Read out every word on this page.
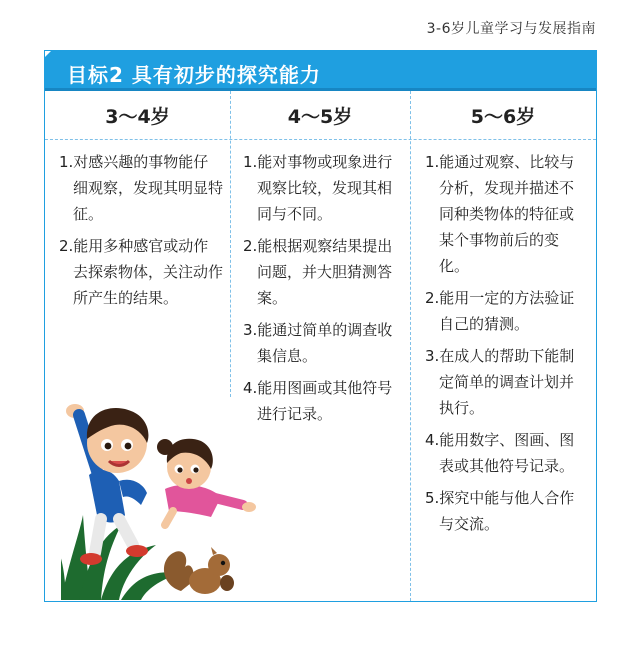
3-6岁儿童学习与发展指南
目标2 具有初步的探究能力
3～4岁	4～5岁	5～6岁
1.对感兴趣的事物能仔细观察，发现其明显特征。
2.能用多种感官或动作去探索物体，关注动作所产生的结果。
1.能对事物或现象进行观察比较，发现其相同与不同。
2.能根据观察结果提出问题，并大胆猜测答案。
3.能通过简单的调查收集信息。
4.能用图画或其他符号进行记录。
1.能通过观察、比较与分析，发现并描述不同种类物体的特征或某个事物前后的变化。
2.能用一定的方法验证自己的猜测。
3.在成人的帮助下能制定简单的调查计划并执行。
4.能用数字、图画、图表或其他符号记录。
5.探究中能与他人合作与交流。
